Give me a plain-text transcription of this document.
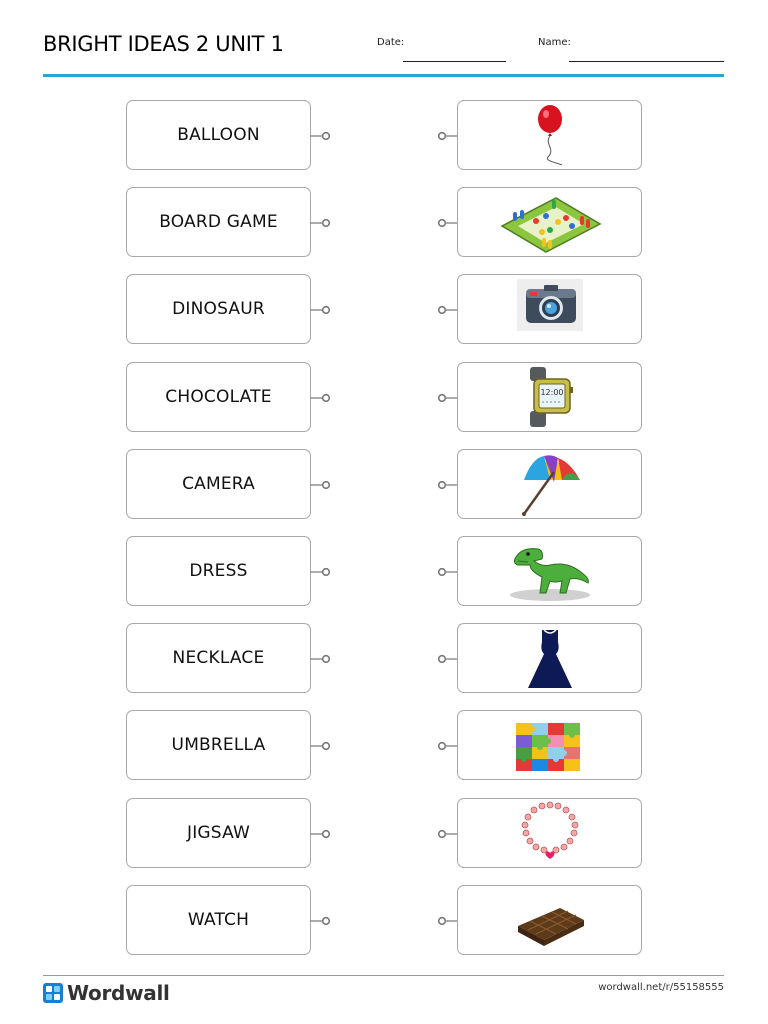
BRIGHT IDEAS 2 UNIT 1	Date:	Name:
BALLOON
BOARD GAME
DINOSAUR
CHOCOLATE	12:00
CAMERA
DRESS
NECKLACE
UMBRELLA
JIGSAW
WATCH
Wordwall	wordwall.net/r/55158555
